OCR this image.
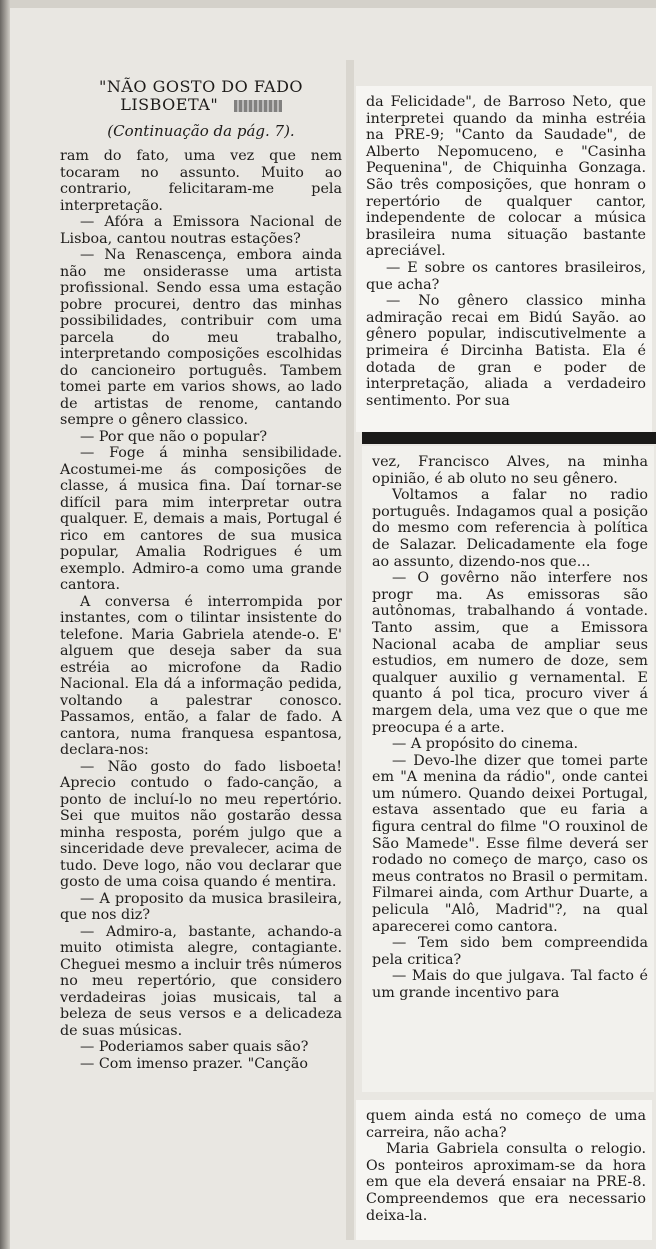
"NÃO GOSTO DO FADO
LISBOETA"

(Continuação da pág. 7).

ram do fato, uma vez que nem tocaram no assunto. Muito ao contrario, felicitaram-me pela interpretação.

— Afóra a Emissora Nacional de Lisboa, cantou noutras estações?

— Na Renascença, embora ainda não me onsiderasse uma artista profissional. Sendo essa uma estação pobre procurei, dentro das minhas possibilidades, contribuir com uma parcela do meu trabalho, interpretando composições escolhidas do cancioneiro português. Tambem tomei parte em varios shows, ao lado de artistas de renome, cantando sempre o gênero classico.

— Por que não o popular?

— Foge á minha sensibilidade. Acostumei-me ás composições de classe, á musica fina. Daí tornar-se difícil para mim interpretar outra qualquer. E, demais a mais, Portugal é rico em cantores de sua musica popular, Amalia Rodrigues é um exemplo. Admiro-a como uma grande cantora.

A conversa é interrompida por instantes, com o tilintar insistente do telefone. Maria Gabriela atende-o. E' alguem que deseja saber da sua estréia ao microfone da Radio Nacional. Ela dá a informação pedida, voltando a palestrar conosco. Passamos, então, a falar de fado. A cantora, numa franquesa espantosa, declara-nos:

— Não gosto do fado lisboeta! Aprecio contudo o fado-canção, a ponto de incluí-lo no meu repertório. Sei que muitos não gostarão dessa minha resposta, porém julgo que a sinceridade deve prevalecer, acima de tudo. Deve logo, não vou declarar que gosto de uma coisa quando é mentira.

— A proposito da musica brasileira, que nos diz?

— Admiro-a, bastante, achando-a muito otimista alegre, contagiante. Cheguei mesmo a incluir três números no meu repertório, que considero verdadeiras joias musicais, tal a beleza de seus versos e a delicadeza de suas músicas.

— Poderiamos saber quais são?

— Com imenso prazer. "Canção

da Felicidade", de Barroso Neto, que interpretei quando da minha estréia na PRE-9; "Canto da Saudade", de Alberto Nepomuceno, e "Casinha Pequenina", de Chiquinha Gonzaga. São três composições, que honram o repertório de qualquer cantor, independente de colocar a música brasileira numa situação bastante apreciável.

— E sobre os cantores brasileiros, que acha?

— No gênero classico minha admiração recai em Bidú Sayão. ao gênero popular, indiscutivelmente a primeira é Dircinha Batista. Ela é dotada de gran e poder de interpretação, aliada a verdadeiro sentimento. Por sua

vez, Francisco Alves, na minha opinião, é ab oluto no seu gênero.

Voltamos a falar no radio português. Indagamos qual a posição do mesmo com referencia à política de Salazar. Delicadamente ela foge ao assunto, dizendo-nos que...

— O govêrno não interfere nos progr ma. As emissoras são autônomas, trabalhando á vontade. Tanto assim, que a Emissora Nacional acaba de ampliar seus estudios, em numero de doze, sem qualquer auxilio g vernamental. E quanto á pol tica, procuro viver á margem dela, uma vez que o que me preocupa é a arte.

— A propósito do cinema.

— Devo-lhe dizer que tomei parte em "A menina da rádio", onde cantei um número. Quando deixei Portugal, estava assentado que eu faria a figura central do filme "O rouxinol de São Mamede". Esse filme deverá ser rodado no começo de março, caso os meus contratos no Brasil o permitam. Filmarei ainda, com Arthur Duarte, a pelicula "Alô, Madrid"?, na qual aparecerei como cantora.

— Tem sido bem compreendida pela critica?

— Mais do que julgava. Tal facto é um grande incentivo para

quem ainda está no começo de uma carreira, não acha?

Maria Gabriela consulta o relogio. Os ponteiros aproximam-se da hora em que ela deverá ensaiar na PRE-8. Compreendemos que era necessario deixa-la.
